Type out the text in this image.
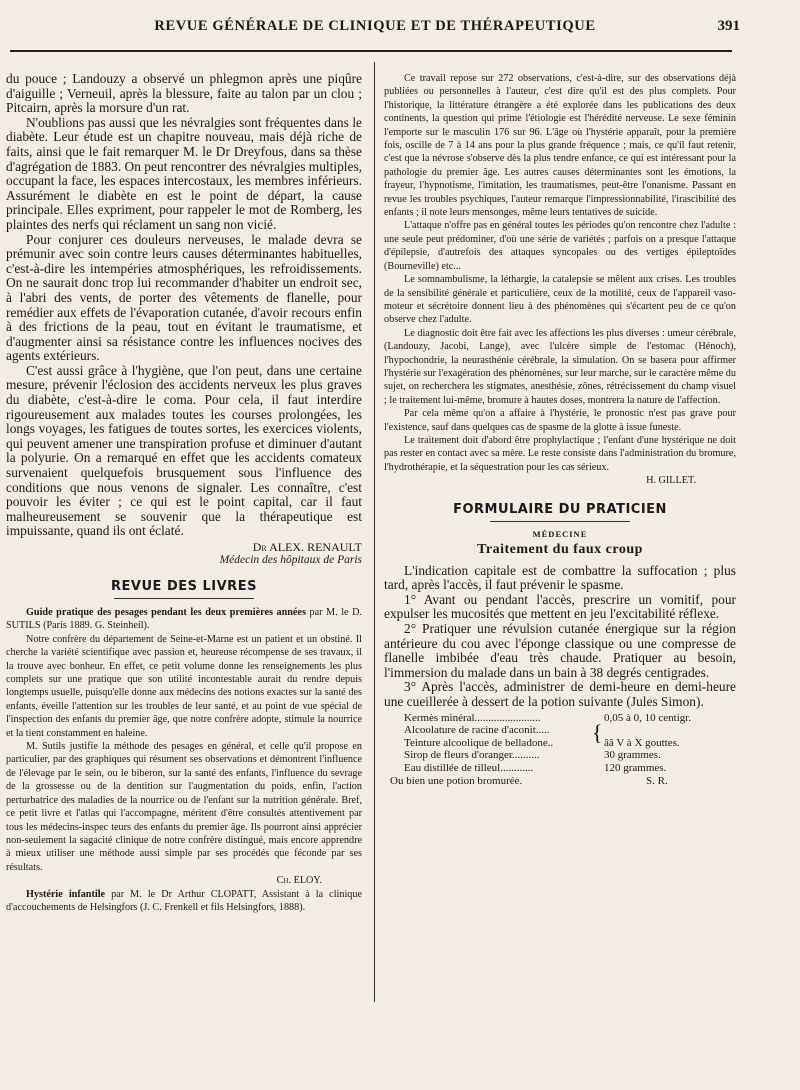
REVUE GÉNÉRALE DE CLINIQUE ET DE THÉRAPEUTIQUE	391

du pouce ; Landouzy a observé un phlegmon après une piqûre d'aiguille ; Verneuil, après la blessure, faite au talon par un clou ; Pitcairn, après la morsure d'un rat.

N'oublions pas aussi que les névralgies sont fréquentes dans le diabète. Leur étude est un chapitre nouveau, mais déjà riche de faits, ainsi que le fait remarquer M. le Dr Dreyfous, dans sa thèse d'agrégation de 1883. On peut rencontrer des névralgies multiples, occupant la face, les espaces intercostaux, les membres inférieurs. Assurément le diabète en est le point de départ, la cause principale. Elles expriment, pour rappeler le mot de Romberg, les plaintes des nerfs qui réclament un sang non vicié.

Pour conjurer ces douleurs nerveuses, le malade devra se prémunir avec soin contre leurs causes déterminantes habituelles, c'est-à-dire les intempéries atmosphériques, les refroidissements. On ne saurait donc trop lui recommander d'habiter un endroit sec, à l'abri des vents, de porter des vêtements de flanelle, pour remédier aux effets de l'évaporation cutanée, d'avoir recours enfin à des frictions de la peau, tout en évitant le traumatisme, et d'augmenter ainsi sa résistance contre les influences nocives des agents extérieurs.

C'est aussi grâce à l'hygiène, que l'on peut, dans une certaine mesure, prévenir l'éclosion des accidents nerveux les plus graves du diabète, c'est-à-dire le coma. Pour cela, il faut interdire rigoureusement aux malades toutes les courses prolongées, les longs voyages, les fatigues de toutes sortes, les exercices violents, qui peuvent amener une transpiration profuse et diminuer d'autant la polyurie. On a remarqué en effet que les accidents comateux survenaient quelquefois brusquement sous l'influence des conditions que nous venons de signaler. Les connaître, c'est pouvoir les éviter ; ce qui est le point capital, car il faut malheureusement se souvenir que la thérapeutique est impuissante, quand ils ont éclaté.

Dr ALEX. RENAULT
Médecin des hôpitaux de Paris
REVUE DES LIVRES

Guide pratique des pesages pendant les deux premières années par M. le D. SUTILS (Paris 1889. G. Steinheil).

Notre confrère du département de Seine-et-Marne est un patient et un obstiné. Il cherche la variété scientifique avec passion et, heureuse récompense de ses travaux, il la trouve avec bonheur. En effet, ce petit volume donne les renseignements les plus complets sur une pratique que son utilité incontestable aurait du rendre depuis longtemps usuelle, puisqu'elle donne aux médecins des notions exactes sur la santé des enfants, éveille l'attention sur les troubles de leur santé, et au point de vue spécial de l'inspection des enfants du premier âge, que notre confrère adopte, stimule la nourrice et la tient constamment en haleine.

M. Sutils justifie la méthode des pesages en général, et celle qu'il propose en particulier, par des graphiques qui résument ses observations et démontrent l'influence de l'élevage par le sein, ou le biberon, sur la santé des enfants, l'influence du sevrage de la grossesse ou de la dentition sur l'augmentation du poids, enfin, l'action perturbatrice des maladies de la nourrice ou de l'enfant sur la nutrition générale. Bref, ce petit livre et l'atlas qui l'accompagne, méritent d'être consultés attentivement par tous les médecins-inspec teurs des enfants du premier âge. Ils pourront ainsi apprécier non-seulement la sagacité clinique de notre confrère distingué, mais encore apprendre à mieux utiliser une méthode aussi simple par ses procédés que féconde par ses résultats.

Ch. ELOY.

Hystérie infantile par M. le Dr Arthur CLOPATT, Assistant à la clinique d'accouchements de Helsingfors (J. C. Frenkell et fils Helsingfors, 1888).

Ce travail repose sur 272 observations, c'est-à-dire, sur des observations déjà publiées ou personnelles à l'auteur, c'est dire qu'il est des plus complets. Pour l'historique, la littérature étrangère a été explorée dans les publications des deux continents, la question qui prime l'étiologie est l'hérédité nerveuse. Le sexe féminin l'emporte sur le masculin 176 sur 96. L'âge où l'hystérie apparaît, pour la première fois, oscille de 7 à 14 ans pour la plus grande fréquence ; mais, ce qu'il faut retenir, c'est que la névrose s'observe dès la plus tendre enfance, ce qui est intéressant pour la pathologie du premier âge. Les autres causes déterminantes sont les émotions, la frayeur, l'hypnotisme, l'imitation, les traumatismes, peut-être l'onanisme. Passant en revue les troubles psychiques, l'auteur remarque l'impressionnabilité, l'irascibilité des enfants ; il note leurs mensonges, même leurs tentatives de suicide.

L'attaque n'offre pas en général toutes les périodes qu'on rencontre chez l'adulte : une seule peut prédominer, d'où une série de variétés ; parfois on a presque l'attaque d'épilepsie, d'autrefois des attaques syncopales ou des vertiges épileptoïdes (Bourneville) etc...

Le somnambulisme, la léthargie, la catalepsie se mêlent aux crises. Les troubles de la sensibilité générale et particulière, ceux de la motilité, ceux de l'appareil vaso-moteur et sécrétoire donnent lieu à des phénomènes qui s'écartent peu de ce qu'on observe chez l'adulte.

Le diagnostic doit être fait avec les affections les plus diverses : umeur cérébrale, (Landouzy, Jacobi, Lange), avec l'ulcère simple de l'estomac (Hénoch), l'hypochondrie, la neurasthénie cérébrale, la simulation. On se basera pour affirmer l'hystérie sur l'exagération des phénomènes, sur leur marche, sur le caractère même du sujet, on recherchera les stigmates, anesthésie, zônes, rétrécissement du champ visuel ; le traitement lui-même, bromure à hautes doses, montrera la nature de l'affection.

Par cela même qu'on a affaire à l'hystérie, le pronostic n'est pas grave pour l'existence, sauf dans quelques cas de spasme de la glotte à issue funeste.

Le traitement doit d'abord être prophylactique ; l'enfant d'une hystérique ne doit pas rester en contact avec sa mère. Le reste consiste dans l'administration du bromure, l'hydrothérapie, et la séquestration pour les cas sérieux.

H. GILLET.
FORMULAIRE DU PRATICIEN
MÉDECINE
Traitement du faux croup

L'indication capitale est de combattre la suffocation ; plus tard, après l'accès, il faut prévenir le spasme.

1° Avant ou pendant l'accès, prescrire un vomitif, pour expulser les mucosités que mettent en jeu l'excitabilité réflexe.

2° Pratiquer une révulsion cutanée énergique sur la région antérieure du cou avec l'éponge classique ou une compresse de flanelle imbibée d'eau très chaude. Pratiquer au besoin, l'immersion du malade dans un bain à 38 degrés centigrades.

3° Après l'accès, administrer de demi-heure en demi-heure une cueillerée à dessert de la potion suivante (Jules Simon).

Kermès minéral........................	0,05 à 0, 10 centigr.
Alcoolature de racine d'aconit..... {
Teinture alcoolique de belladone..	ââ V à X gouttes.
Sirop de fleurs d'oranger..........	30 grammes.
Eau distillée de tilleul............	120 grammes.
Ou bien une potion bromurée.	S. R.
